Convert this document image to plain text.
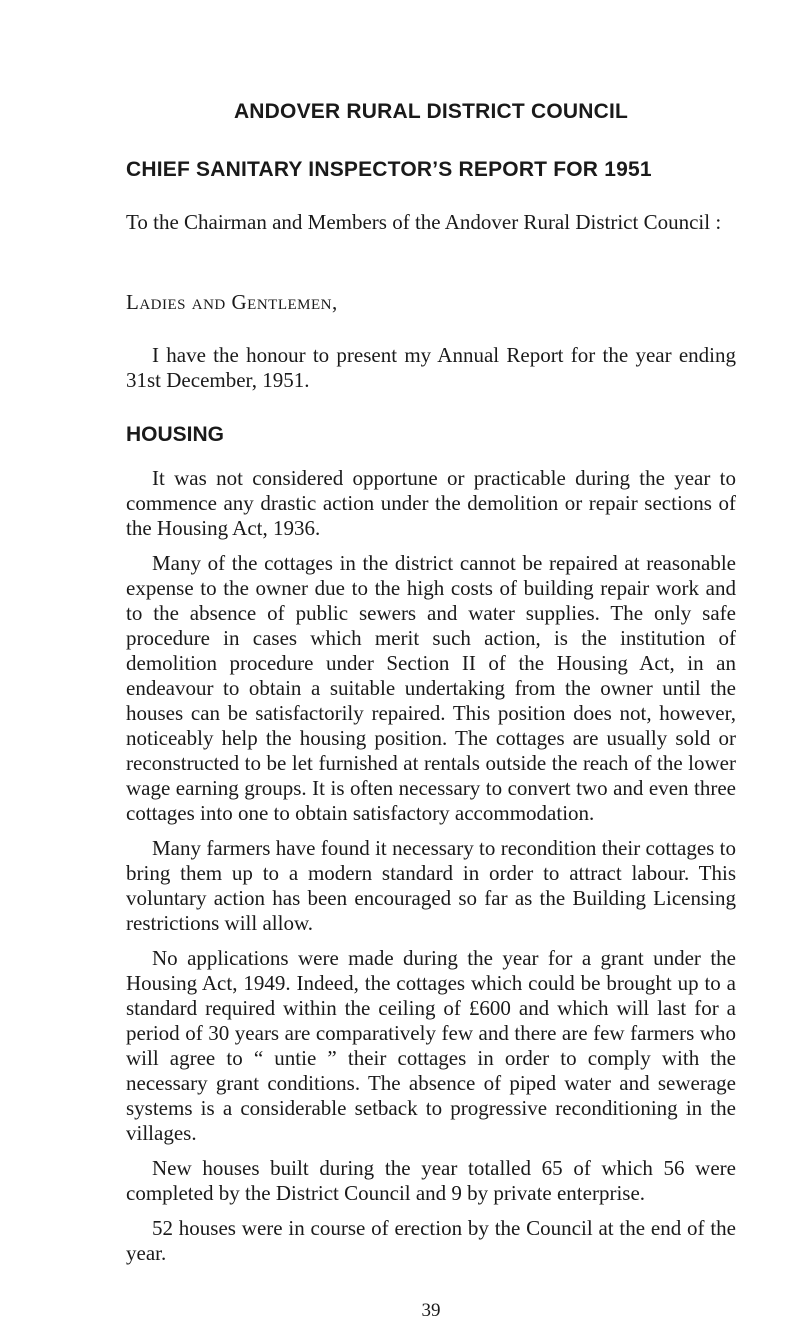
ANDOVER RURAL DISTRICT COUNCIL
CHIEF SANITARY INSPECTOR’S REPORT FOR 1951

To the Chairman and Members of the Andover Rural District Council :

Ladies and Gentlemen,

I have the honour to present my Annual Report for the year ending 31st December, 1951.

HOUSING

It was not considered opportune or practicable during the year to commence any drastic action under the demolition or repair sections of the Housing Act, 1936.

Many of the cottages in the district cannot be repaired at reasonable expense to the owner due to the high costs of building repair work and to the absence of public sewers and water supplies. The only safe procedure in cases which merit such action, is the institution of demolition procedure under Section II of the Housing Act, in an endeavour to obtain a suitable undertaking from the owner until the houses can be satisfactorily repaired. This position does not, however, noticeably help the housing position. The cottages are usually sold or reconstructed to be let furnished at rentals outside the reach of the lower wage earning groups. It is often necessary to convert two and even three cottages into one to obtain satisfactory accommodation.

Many farmers have found it necessary to recondition their cottages to bring them up to a modern standard in order to attract labour. This voluntary action has been encouraged so far as the Building Licensing restrictions will allow.

No applications were made during the year for a grant under the Housing Act, 1949. Indeed, the cottages which could be brought up to a standard required within the ceiling of £600 and which will last for a period of 30 years are comparatively few and there are few farmers who will agree to “ untie ” their cottages in order to comply with the necessary grant conditions. The absence of piped water and sewerage systems is a considerable setback to progressive reconditioning in the villages.

New houses built during the year totalled 65 of which 56 were completed by the District Council and 9 by private enterprise.

52 houses were in course of erection by the Council at the end of the year.

39
